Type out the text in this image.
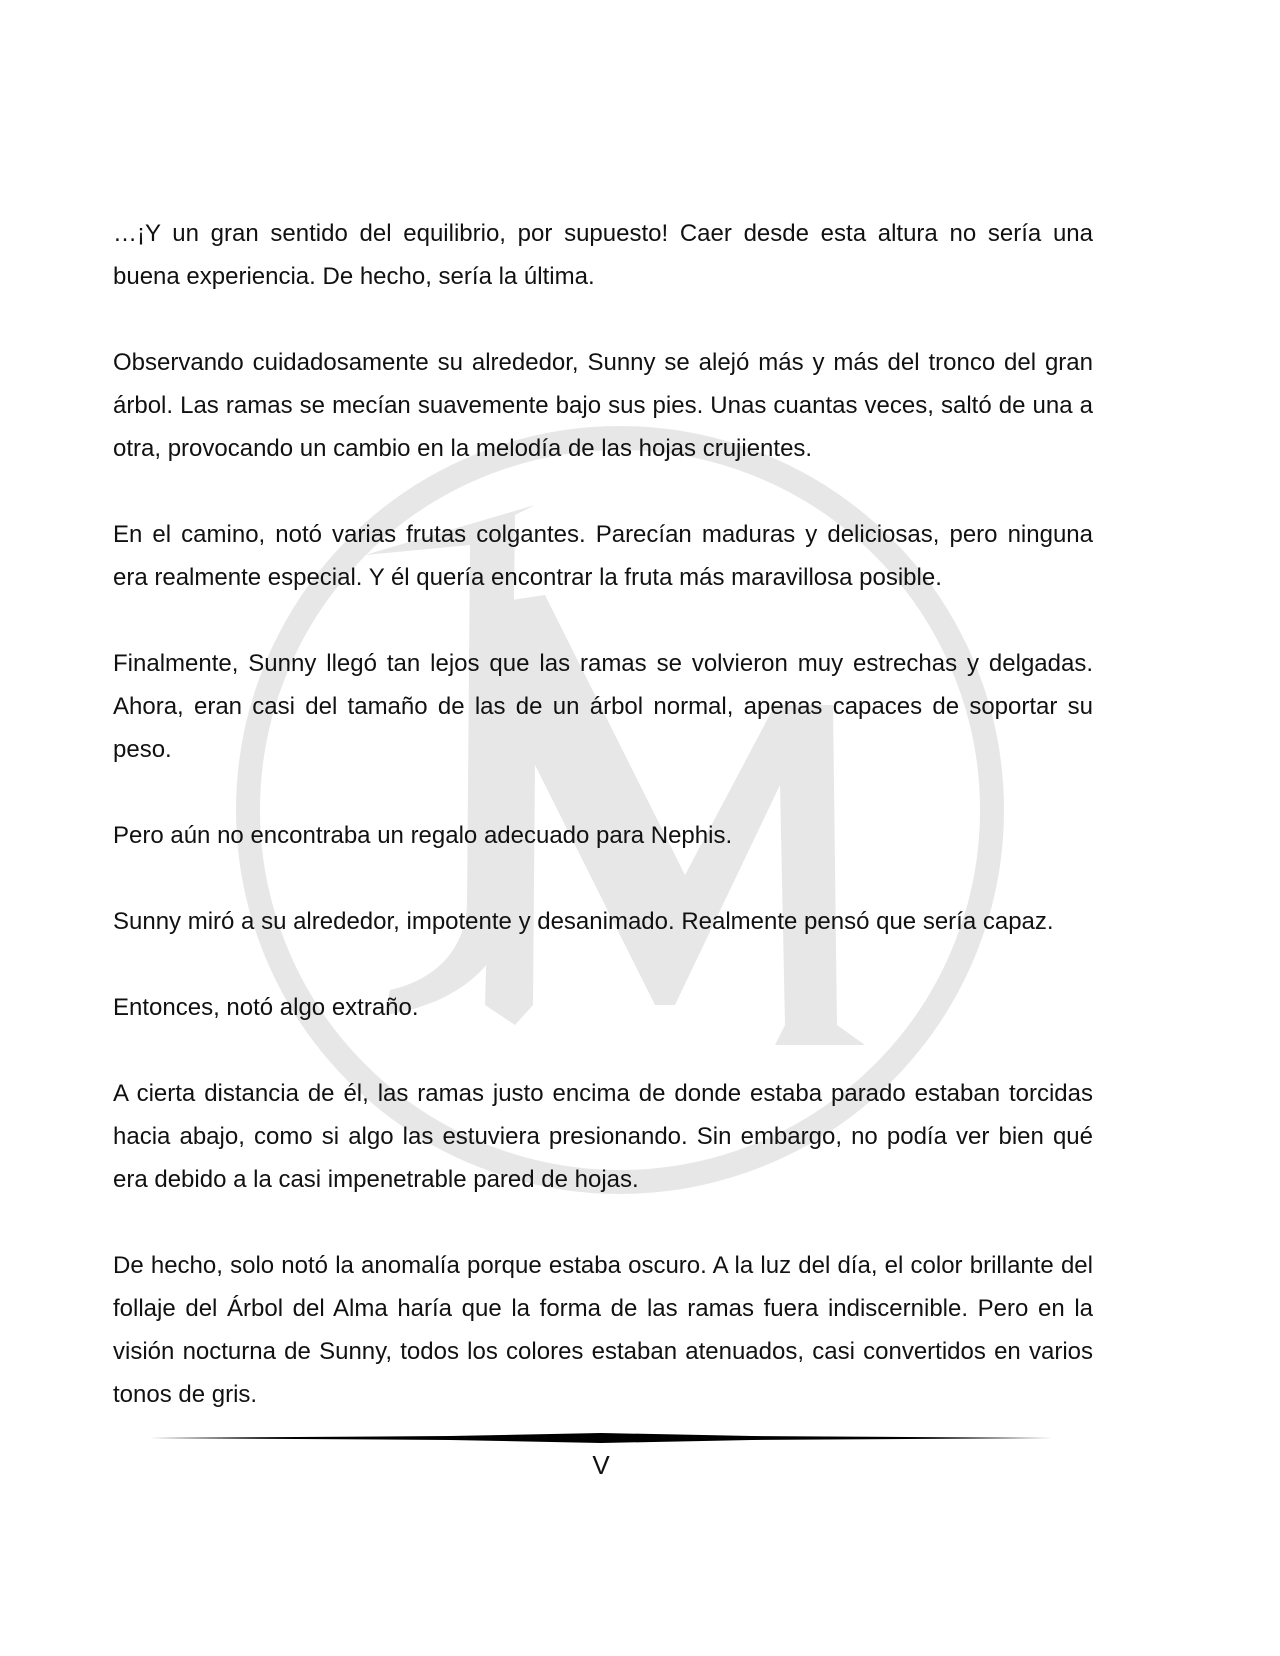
…¡Y un gran sentido del equilibrio, por supuesto! Caer desde esta altura no sería una buena experiencia. De hecho, sería la última.

Observando cuidadosamente su alrededor, Sunny se alejó más y más del tronco del gran árbol. Las ramas se mecían suavemente bajo sus pies. Unas cuantas veces, saltó de una a otra, provocando un cambio en la melodía de las hojas crujientes.

En el camino, notó varias frutas colgantes. Parecían maduras y deliciosas, pero ninguna era realmente especial. Y él quería encontrar la fruta más maravillosa posible.

Finalmente, Sunny llegó tan lejos que las ramas se volvieron muy estrechas y delgadas. Ahora, eran casi del tamaño de las de un árbol normal, apenas capaces de soportar su peso.

Pero aún no encontraba un regalo adecuado para Nephis.

Sunny miró a su alrededor, impotente y desanimado. Realmente pensó que sería capaz.

Entonces, notó algo extraño.

A cierta distancia de él, las ramas justo encima de donde estaba parado estaban torcidas hacia abajo, como si algo las estuviera presionando. Sin embargo, no podía ver bien qué era debido a la casi impenetrable pared de hojas.

De hecho, solo notó la anomalía porque estaba oscuro. A la luz del día, el color brillante del follaje del Árbol del Alma haría que la forma de las ramas fuera indiscernible. Pero en la visión nocturna de Sunny, todos los colores estaban atenuados, casi convertidos en varios tonos de gris.

V
